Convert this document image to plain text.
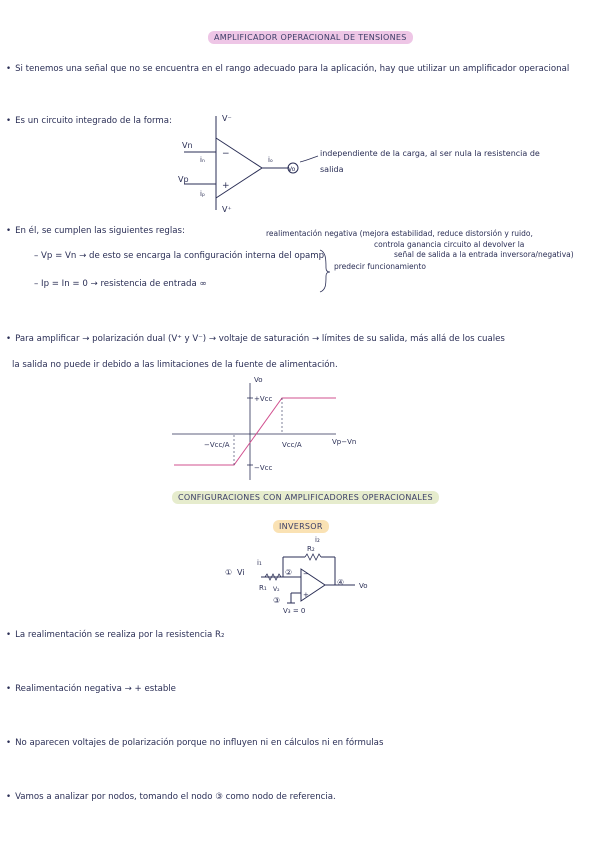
AMPLIFICADOR OPERACIONAL DE TENSIONES
• Si tenemos una señal que no se encuentra en el rango adecuado para la aplicación, hay que utilizar un amplificador operacional
• Es un circuito integrado de la forma:
−
+
V⁻
V⁺
Vn
Vp
iₙ
iₚ
iₒ
Vo
independiente de la carga, al ser nula la resistencia de
salida
• En él, se cumplen las siguientes reglas:
– Vp = Vn → de esto se encarga la configuración interna del opamp
– Ip = In = 0 → resistencia de entrada ∞
realimentación negativa (mejora estabilidad, reduce distorsión y ruido,
controla ganancia circuito al devolver la
señal de salida a la entrada inversora/negativa)
predecir funcionamiento
• Para amplificar → polarización dual (V⁺ y V⁻) → voltaje de saturación → límites de su salida, más allá de los cuales
la salida no puede ir debido a las limitaciones de la fuente de alimentación.
Vo
+Vcc
−Vcc
−Vcc/A	Vcc/A	Vp−Vn
CONFIGURACIONES CON AMPLIFICADORES OPERACIONALES
INVERSOR
−
+
① Vi
i₁
R₁
R₂
i₂
②
③
④
V₂
V₃ = 0
Vo
• La realimentación se realiza por la resistencia R₂
• Realimentación negativa → + estable
• No aparecen voltajes de polarización porque no influyen ni en cálculos ni en fórmulas
• Vamos a analizar por nodos, tomando el nodo ③ como nodo de referencia.
